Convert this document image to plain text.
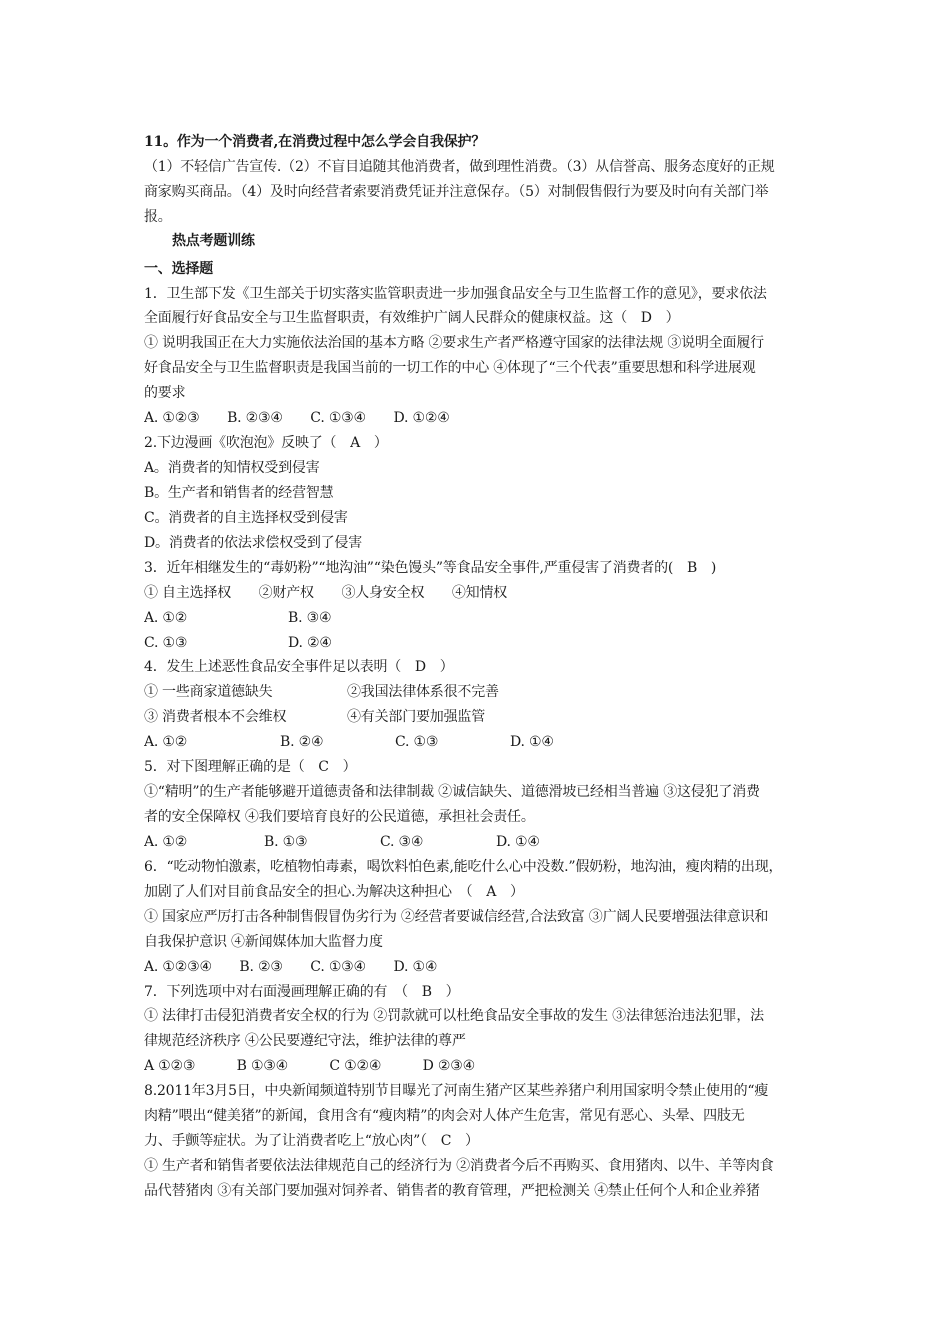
11。作为一个消费者,在消费过程中怎么学会自我保护？
（1）不轻信广告宣传.（2）不盲目追随其他消费者，做到理性消费。（3）从信誉高、服务态度好的正规
商家购买商品。（4）及时向经营者索要消费凭证并注意保存。（5）对制假售假行为要及时向有关部门举
报。
热点考题训练
一、选择题
1．卫生部下发《卫生部关于切实落实监管职责进一步加强食品安全与卫生监督工作的意见》，要求依法
全面履行好食品安全与卫生监督职责，有效维护广阔人民群众的健康权益。这（　D　）
① 说明我国正在大力实施依法治国的基本方略 ②要求生产者严格遵守国家的法律法规 ③说明全面履行
好食品安全与卫生监督职责是我国当前的一切工作的中心 ④体现了“三个代表”重要思想和科学进展观
的要求
A. ①②③　　B. ②③④　　C. ①③④　　D. ①②④
2.下边漫画《吹泡泡》反映了（　A　）
A。消费者的知情权受到侵害
B。生产者和销售者的经营智慧
C。消费者的自主选择权受到侵害
D。消费者的依法求偿权受到了侵害
3．近年相继发生的“毒奶粉”“地沟油”“染色馒头”等食品安全事件,严重侵害了消费者的(　B　)
① 自主选择权　　②财产权　　③人身安全权　　④知情权

A. ①②

	B. ③④

C. ①③

	D. ②④

4．发生上述恶性食品安全事件足以表明（　D　）

① 一些商家道德缺失

	②我国法律体系很不完善

③ 消费者根本不会维权

	④有关部门要加强监管

A. ①②

	B. ②④

	C. ①③

	D. ①④

5．对下图理解正确的是（　C　）
①“精明”的生产者能够避开道德责备和法律制裁 ②诚信缺失、道德滑坡已经相当普遍 ③这侵犯了消费
者的安全保障权 ④我们要培育良好的公民道德，承担社会责任。

A. ①②

	B. ①③

	C. ③④

	D. ①④

6．“吃动物怕激素，吃植物怕毒素，喝饮料怕色素,能吃什么心中没数.”假奶粉，地沟油，瘦肉精的出现，
加剧了人们对目前食品安全的担心.为解决这种担心　（　A　）
① 国家应严厉打击各种制售假冒伪劣行为 ②经营者要诚信经营,合法致富 ③广阔人民要增强法律意识和
自我保护意识 ④新闻媒体加大监督力度
A. ①②③④　　B. ②③　　C. ①③④　　D. ①④
7．下列选项中对右面漫画理解正确的有　（　B　）
① 法律打击侵犯消费者安全权的行为 ②罚款就可以杜绝食品安全事故的发生 ③法律惩治违法犯罪，法
律规范经济秩序 ④公民要遵纪守法，维护法律的尊严
A ①②③　　　B ①③④　　　C ①②④　　　D ②③④
8.2011年3月5日，中央新闻频道特别节目曝光了河南生猪产区某些养猪户利用国家明令禁止使用的“瘦
肉精”喂出“健美猪”的新闻，食用含有“瘦肉精”的肉会对人体产生危害，常见有恶心、头晕、四肢无
力、手颤等症状。为了让消费者吃上“放心肉”（　C　）
① 生产者和销售者要依法法律规范自己的经济行为 ②消费者今后不再购买、食用猪肉、以牛、羊等肉食
品代替猪肉 ③有关部门要加强对饲养者、销售者的教育管理，严把检测关 ④禁止任何个人和企业养猪
